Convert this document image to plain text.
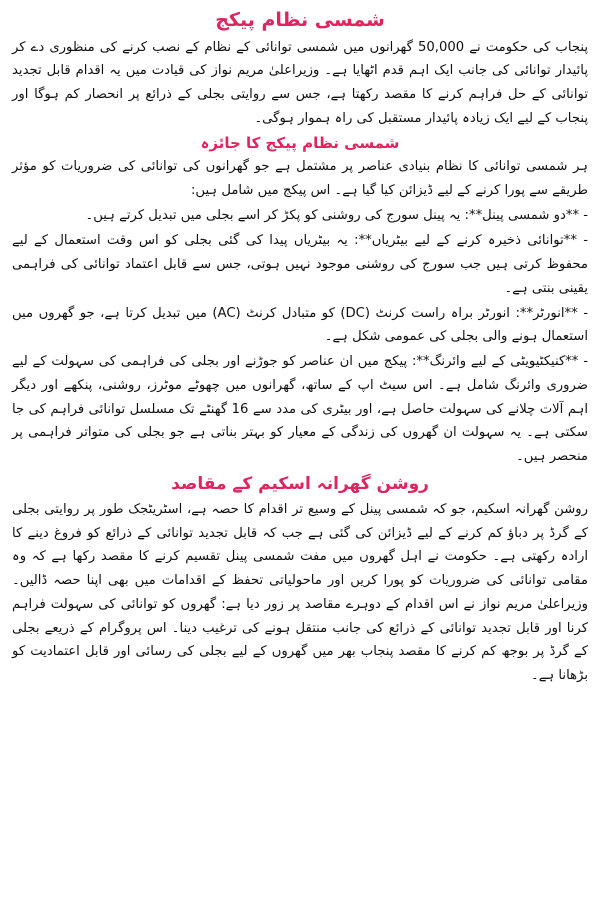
شمسی نظام پیکج

پنجاب کی حکومت نے 50,000 گھرانوں میں شمسی توانائی کے نظام کے نصب کرنے کی منظوری دے کر پائیدار توانائی کی جانب ایک اہم قدم اٹھایا ہے۔ وزیراعلیٰ مریم نواز کی قیادت میں یہ اقدام قابل تجدید توانائی کے حل فراہم کرنے کا مقصد رکھتا ہے، جس سے روایتی بجلی کے ذرائع پر انحصار کم ہوگا اور پنجاب کے لیے ایک زیادہ پائیدار مستقبل کی راہ ہموار ہوگی۔

شمسی نظام پیکج کا جائزہ

ہر شمسی توانائی کا نظام بنیادی عناصر پر مشتمل ہے جو گھرانوں کی توانائی کی ضروریات کو مؤثر طریقے سے پورا کرنے کے لیے ڈیزائن کیا گیا ہے۔ اس پیکج میں شامل ہیں:

- **دو شمسی پینل**: یہ پینل سورج کی روشنی کو پکڑ کر اسے بجلی میں تبدیل کرتے ہیں۔

- **توانائی ذخیرہ کرنے کے لیے بیٹریاں**: یہ بیٹریاں پیدا کی گئی بجلی کو اس وقت استعمال کے لیے محفوظ کرتی ہیں جب سورج کی روشنی موجود نہیں ہوتی، جس سے قابل اعتماد توانائی کی فراہمی یقینی بنتی ہے۔

- **انورٹر**: انورٹر براہ راست کرنٹ (DC) کو متبادل کرنٹ (AC) میں تبدیل کرتا ہے، جو گھروں میں استعمال ہونے والی بجلی کی عمومی شکل ہے۔

- **کنیکٹیویٹی کے لیے وائرنگ**: پیکج میں ان عناصر کو جوڑنے اور بجلی کی فراہمی کی سہولت کے لیے ضروری وائرنگ شامل ہے۔ اس سیٹ اپ کے ساتھ، گھرانوں میں چھوٹے موٹرز، روشنی، پنکھے اور دیگر اہم آلات چلانے کی سہولت حاصل ہے، اور بیٹری کی مدد سے 16 گھنٹے تک مسلسل توانائی فراہم کی جا سکتی ہے۔ یہ سہولت ان گھروں کی زندگی کے معیار کو بہتر بناتی ہے جو بجلی کی متواتر فراہمی پر منحصر ہیں۔

روشن گھرانہ اسکیم کے مقاصد

روشن گھرانہ اسکیم، جو کہ شمسی پینل کے وسیع تر اقدام کا حصہ ہے، اسٹریٹجک طور پر روایتی بجلی کے گرڈ پر دباؤ کم کرنے کے لیے ڈیزائن کی گئی ہے جب کہ قابل تجدید توانائی کے ذرائع کو فروغ دینے کا ارادہ رکھتی ہے۔ حکومت نے اہل گھروں میں مفت شمسی پینل تقسیم کرنے کا مقصد رکھا ہے کہ وہ مقامی توانائی کی ضروریات کو پورا کریں اور ماحولیاتی تحفظ کے اقدامات میں بھی اپنا حصہ ڈالیں۔ وزیراعلیٰ مریم نواز نے اس اقدام کے دوہرے مقاصد پر زور دیا ہے: گھروں کو توانائی کی سہولت فراہم کرنا اور قابل تجدید توانائی کے ذرائع کی جانب منتقل ہونے کی ترغیب دینا۔ اس پروگرام کے ذریعے بجلی کے گرڈ پر بوجھ کم کرنے کا مقصد پنجاب بھر میں گھروں کے لیے بجلی کی رسائی اور قابل اعتمادیت کو بڑھانا ہے۔
